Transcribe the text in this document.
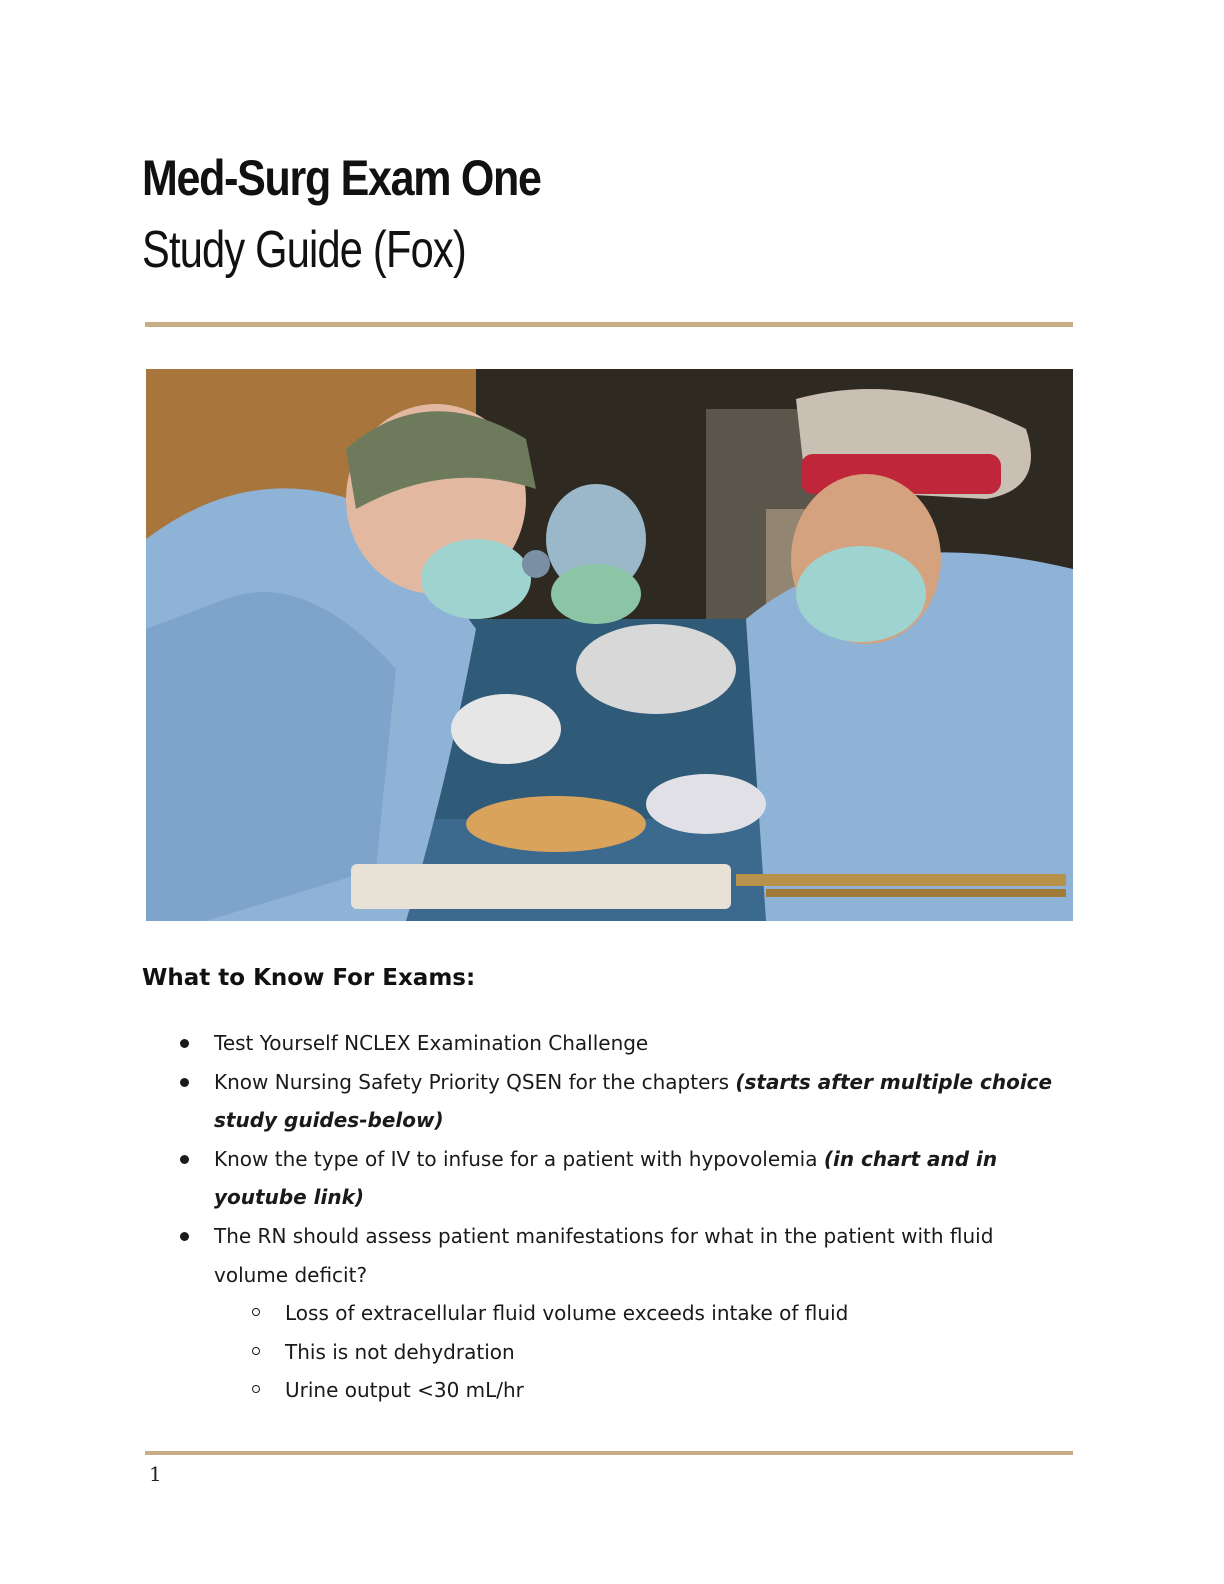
Med-Surg Exam One
Study Guide (Fox)
What to Know For Exams:
Test Yourself NCLEX Examination Challenge
Know Nursing Safety Priority QSEN for the chapters (starts after multiple choice study guides-below)
Know the type of IV to infuse for a patient with hypovolemia (in chart and in youtube link)
The RN should assess patient manifestations for what in the patient with fluid volume deficit?
Loss of extracellular fluid volume exceeds intake of fluid
This is not dehydration
Urine output <30 mL/hr
1
